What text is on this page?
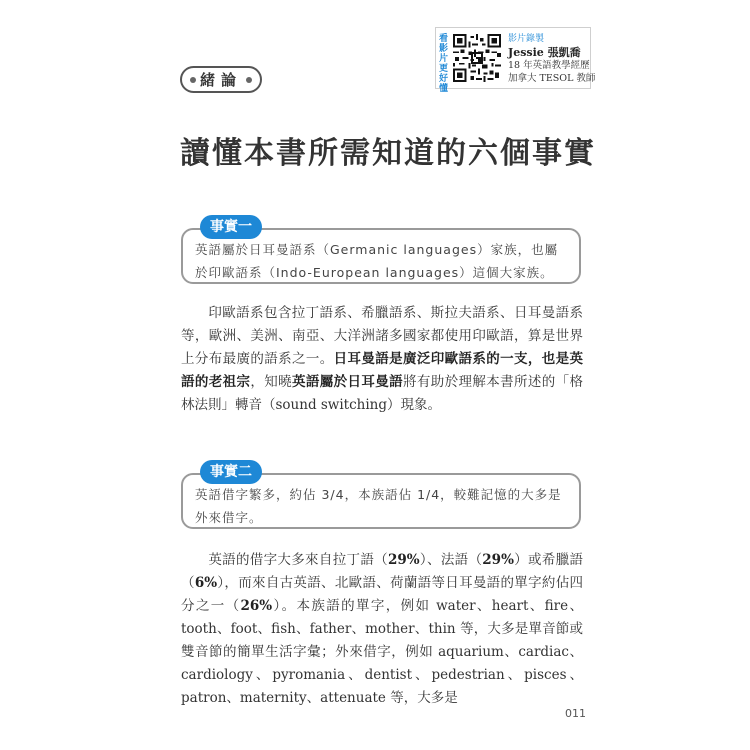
看影片更好懂
影片錄製
Jessie 張凱喬
18 年英語教學經歷
加拿大 TESOL 教師
緒論
讀懂本書所需知道的六個事實
英語屬於日耳曼語系（Germanic languages）家族，也屬於印歐語系（Indo-European languages）這個大家族。
事實一
印歐語系包含拉丁語系、希臘語系、斯拉夫語系、日耳曼語系等，歐洲、美洲、南亞、大洋洲諸多國家都使用印歐語，算是世界上分布最廣的語系之一。日耳曼語是廣泛印歐語系的一支，也是英語的老祖宗，知曉英語屬於日耳曼語將有助於理解本書所述的「格林法則」轉音（sound switching）現象。
英語借字繁多，約佔 3/4，本族語佔 1/4，較難記憶的大多是外來借字。
事實二
英語的借字大多來自拉丁語（29%）、法語（29%）或希臘語（6%），而來自古英語、北歐語、荷蘭語等日耳曼語的單字約佔四分之一（26%）。本族語的單字，例如 water、heart、fire、tooth、foot、fish、father、mother、thin 等，大多是單音節或雙音節的簡單生活字彙；外來借字，例如 aquarium、cardiac、cardiology、pyromania、dentist、pedestrian、pisces、 patron、maternity、attenuate 等，大多是
011
